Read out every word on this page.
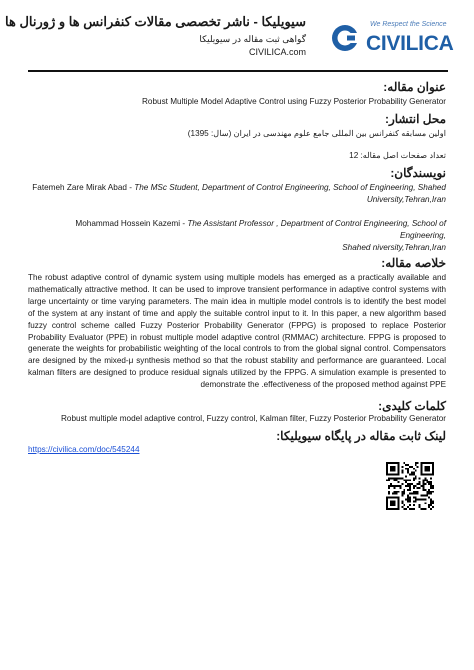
سیویلیکا - ناشر تخصصی مقالات کنفرانس ها و ژورنال ها
گواهی ثبت مقاله در سیویلیکا
CIVILICA.com
We Respect the Science
CIVILICA
عنوان مقاله:
Robust Multiple Model Adaptive Control using Fuzzy Posterior Probability Generator
محل انتشار:
اولین مسابقه کنفرانس بین المللی جامع علوم مهندسی در ایران (سال: 1395)
تعداد صفحات اصل مقاله: 12
نویسندگان:
Fatemeh Zare Mirak Abad - The MSc Student, Department of Control Engineering, School of Engineering, Shahed
University,Tehran,Iran
Mohammad Hossein Kazemi - The Assistant Professor , Department of Control Engineering, School of Engineering,
Shahed niversity,Tehran,Iran
خلاصه مقاله:
The robust adaptive control of dynamic system using multiple models has emerged as a practically available and mathematically attractive method. It can be used to improve transient performance in adaptive control systems with large uncertainty or time varying parameters. The main idea in multiple model controls is to identify the best model of the system at any instant of time and apply the suitable control input to it. In this paper, a new algorithm based fuzzy control scheme called Fuzzy Posterior Probability Generator (FPPG) is proposed to replace Posterior Probability Evaluator (PPE) in robust multiple model adaptive control (RMMAC) architecture. FPPG is proposed to generate the weights for probabilistic weighting of the local controls to from the global signal control. Compensators are designed by the mixed-μ synthesis method so that the robust stability and performance are guaranteed. Local kalman filters are designed to produce residual signals utilized by the FPPG. A simulation example is presented to demonstrate the .effectiveness of the proposed method against PPE
کلمات کلیدی:
Robust multiple model adaptive control, Fuzzy control, Kalman filter, Fuzzy Posterior Probability Generator
لینک ثابت مقاله در پایگاه سیویلیکا:
https://civilica.com/doc/545244
